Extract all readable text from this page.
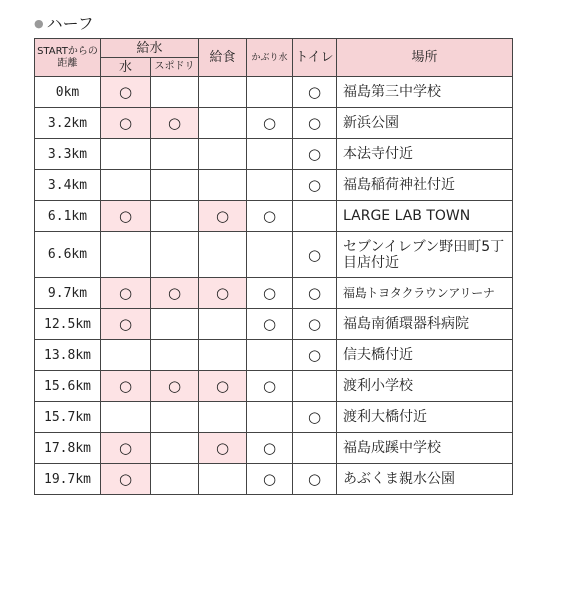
● ハーフ
STARTからの距離	給水		給食	かぶり水	トイレ	場所
	水	スポドリ				
0km	○				○	福島第三中学校
3.2km	○	○		○	○	新浜公園
3.3km					○	本法寺付近
3.4km					○	福島稲荷神社付近
6.1km	○		○	○		LARGE LAB TOWN
6.6km					○	セブンイレブン野田町5丁目店付近
9.7km	○	○	○	○	○	福島トヨタクラウンアリーナ
12.5km	○			○	○	福島南循環器科病院
13.8km					○	信夫橋付近
15.6km	○	○	○	○		渡利小学校
15.7km					○	渡利大橋付近
17.8km	○		○	○		福島成蹊中学校
19.7km	○			○	○	あぶくま親水公園
